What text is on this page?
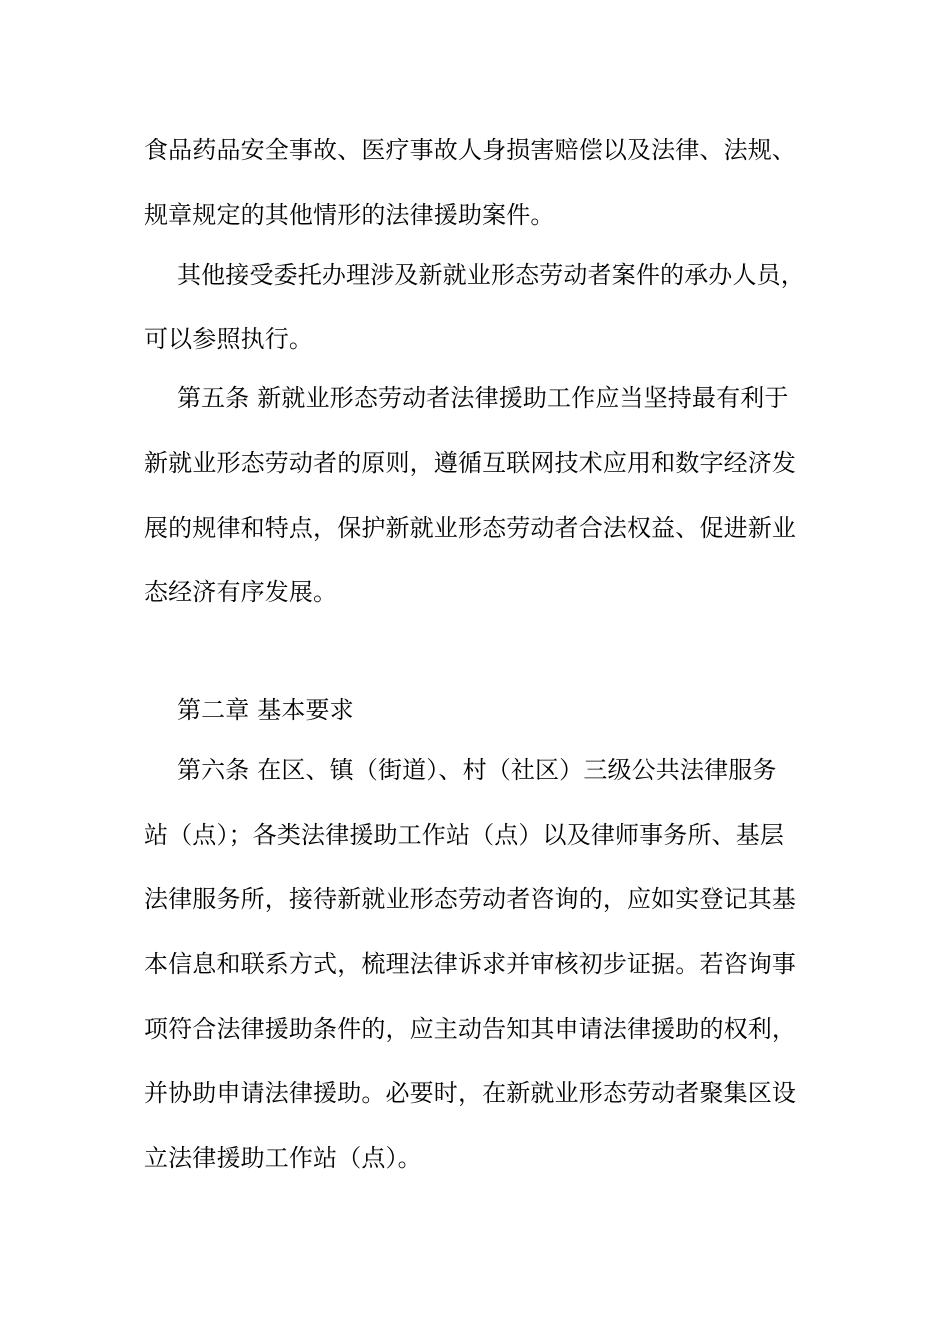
食品药品安全事故、医疗事故人身损害赔偿以及法律、法规、
规章规定的其他情形的法律援助案件。
其他接受委托办理涉及新就业形态劳动者案件的承办人员，
可以参照执行。
第五条 新就业形态劳动者法律援助工作应当坚持最有利于
新就业形态劳动者的原则，遵循互联网技术应用和数字经济发
展的规律和特点，保护新就业形态劳动者合法权益、促进新业
态经济有序发展。
第二章 基本要求
第六条 在区、镇（街道）、村（社区）三级公共法律服务
站（点）；各类法律援助工作站（点）以及律师事务所、基层
法律服务所，接待新就业形态劳动者咨询的，应如实登记其基
本信息和联系方式，梳理法律诉求并审核初步证据。若咨询事
项符合法律援助条件的，应主动告知其申请法律援助的权利，
并协助申请法律援助。必要时，在新就业形态劳动者聚集区设
立法律援助工作站（点）。
